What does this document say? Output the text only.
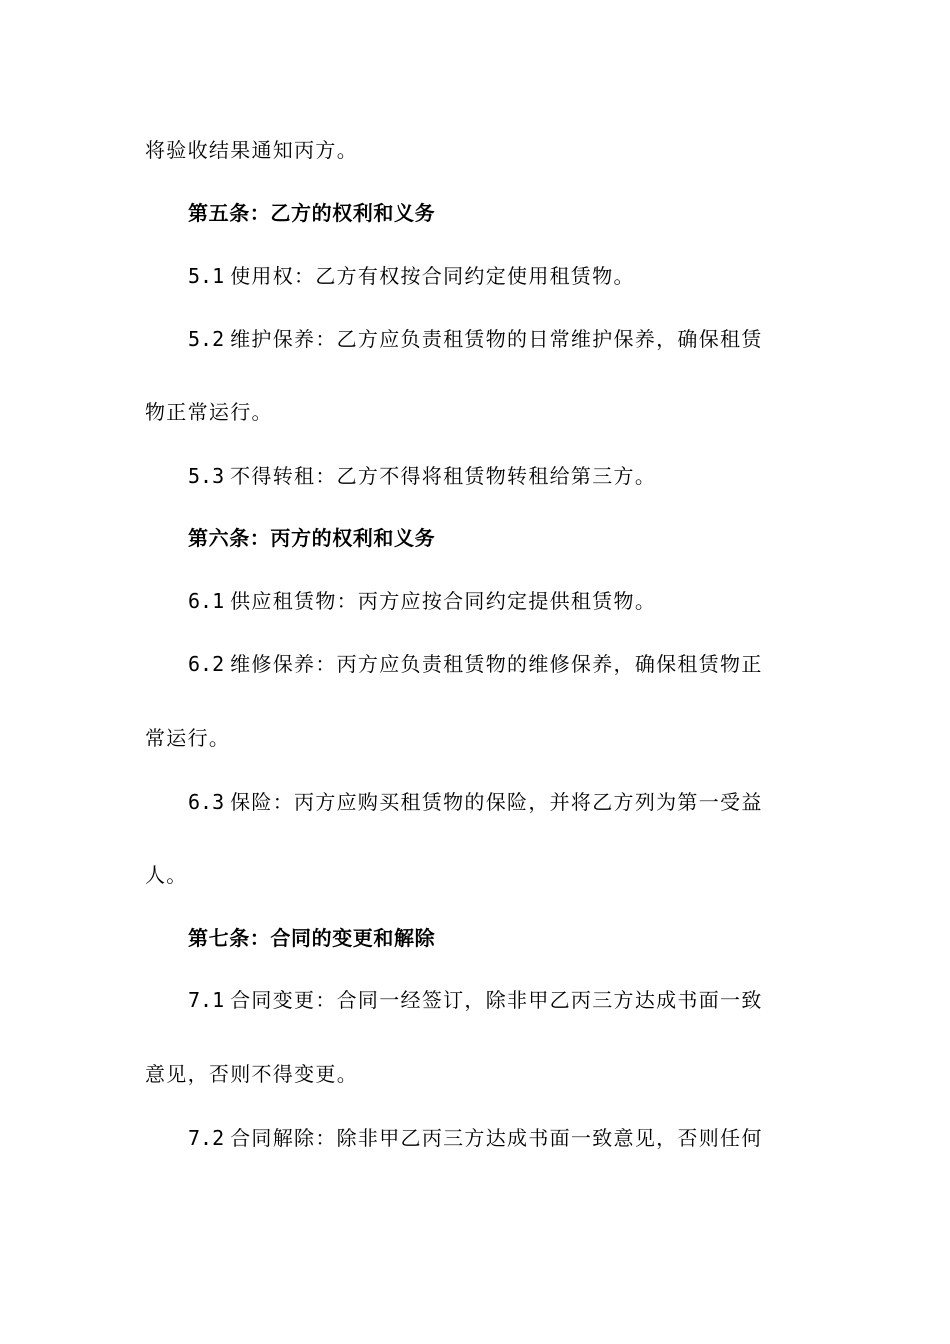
将验收结果通知丙方。
第五条：乙方的权利和义务
5.1 使用权：乙方有权按合同约定使用租赁物。
5.2 维护保养：乙方应负责租赁物的日常维护保养，确保租赁
物正常运行。
5.3 不得转租：乙方不得将租赁物转租给第三方。
第六条：丙方的权利和义务
6.1 供应租赁物：丙方应按合同约定提供租赁物。
6.2 维修保养：丙方应负责租赁物的维修保养，确保租赁物正
常运行。
6.3 保险：丙方应购买租赁物的保险，并将乙方列为第一受益
人。
第七条：合同的变更和解除
7.1 合同变更：合同一经签订，除非甲乙丙三方达成书面一致
意见，否则不得变更。
7.2 合同解除：除非甲乙丙三方达成书面一致意见，否则任何
